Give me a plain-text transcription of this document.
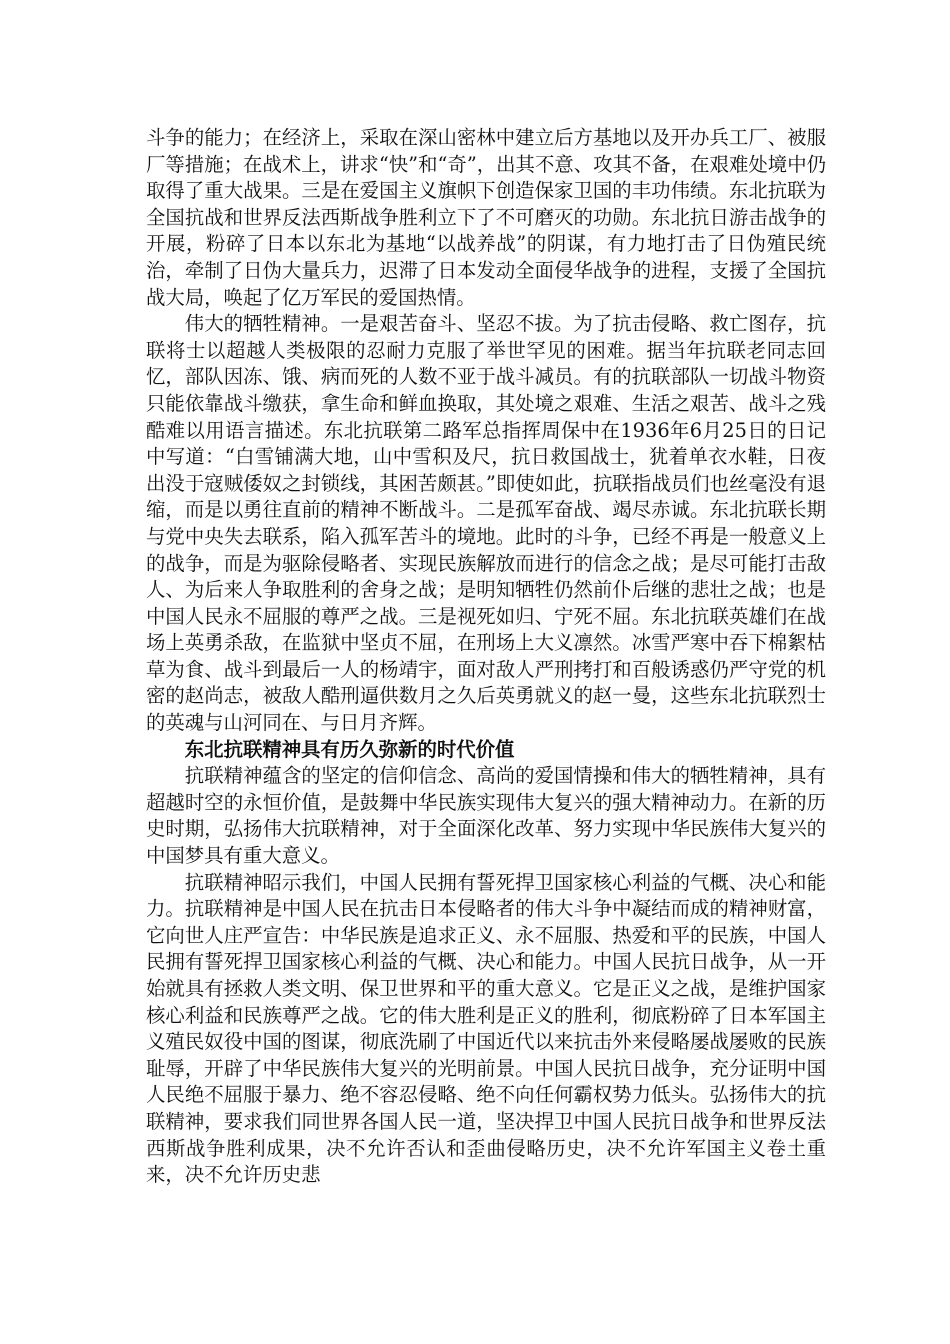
斗争的能力；在经济上，采取在深山密林中建立后方基地以及开办兵工厂、被服厂等措施；在战术上，讲求“快”和“奇”，出其不意、攻其不备，在艰难处境中仍取得了重大战果。三是在爱国主义旗帜下创造保家卫国的丰功伟绩。东北抗联为全国抗战和世界反法西斯战争胜利立下了不可磨灭的功勋。东北抗日游击战争的开展，粉碎了日本以东北为基地“以战养战”的阴谋，有力地打击了日伪殖民统治，牵制了日伪大量兵力，迟滞了日本发动全面侵华战争的进程，支援了全国抗战大局，唤起了亿万军民的爱国热情。

伟大的牺牲精神。一是艰苦奋斗、坚忍不拔。为了抗击侵略、救亡图存，抗联将士以超越人类极限的忍耐力克服了举世罕见的困难。据当年抗联老同志回忆，部队因冻、饿、病而死的人数不亚于战斗减员。有的抗联部队一切战斗物资只能依靠战斗缴获，拿生命和鲜血换取，其处境之艰难、生活之艰苦、战斗之残酷难以用语言描述。东北抗联第二路军总指挥周保中在1936年6月25日的日记中写道：“白雪铺满大地，山中雪积及尺，抗日救国战士，犹着单衣水鞋，日夜出没于寇贼倭奴之封锁线，其困苦颇甚。”即使如此，抗联指战员们也丝毫没有退缩，而是以勇往直前的精神不断战斗。二是孤军奋战、竭尽赤诚。东北抗联长期与党中央失去联系，陷入孤军苦斗的境地。此时的斗争，已经不再是一般意义上的战争，而是为驱除侵略者、实现民族解放而进行的信念之战；是尽可能打击敌人、为后来人争取胜利的舍身之战；是明知牺牲仍然前仆后继的悲壮之战；也是中国人民永不屈服的尊严之战。三是视死如归、宁死不屈。东北抗联英雄们在战场上英勇杀敌，在监狱中坚贞不屈，在刑场上大义凛然。冰雪严寒中吞下棉絮枯草为食、战斗到最后一人的杨靖宇，面对敌人严刑拷打和百般诱惑仍严守党的机密的赵尚志，被敌人酷刑逼供数月之久后英勇就义的赵一曼，这些东北抗联烈士的英魂与山河同在、与日月齐辉。

东北抗联精神具有历久弥新的时代价值

抗联精神蕴含的坚定的信仰信念、高尚的爱国情操和伟大的牺牲精神，具有超越时空的永恒价值，是鼓舞中华民族实现伟大复兴的强大精神动力。在新的历史时期，弘扬伟大抗联精神，对于全面深化改革、努力实现中华民族伟大复兴的中国梦具有重大意义。

抗联精神昭示我们，中国人民拥有誓死捍卫国家核心利益的气概、决心和能力。抗联精神是中国人民在抗击日本侵略者的伟大斗争中凝结而成的精神财富，它向世人庄严宣告：中华民族是追求正义、永不屈服、热爱和平的民族，中国人民拥有誓死捍卫国家核心利益的气概、决心和能力。中国人民抗日战争，从一开始就具有拯救人类文明、保卫世界和平的重大意义。它是正义之战，是维护国家核心利益和民族尊严之战。它的伟大胜利是正义的胜利，彻底粉碎了日本军国主义殖民奴役中国的图谋，彻底洗刷了中国近代以来抗击外来侵略屡战屡败的民族耻辱，开辟了中华民族伟大复兴的光明前景。中国人民抗日战争，充分证明中国人民绝不屈服于暴力、绝不容忍侵略、绝不向任何霸权势力低头。弘扬伟大的抗联精神，要求我们同世界各国人民一道，坚决捍卫中国人民抗日战争和世界反法西斯战争胜利成果，决不允许否认和歪曲侵略历史，决不允许军国主义卷土重来，决不允许历史悲
